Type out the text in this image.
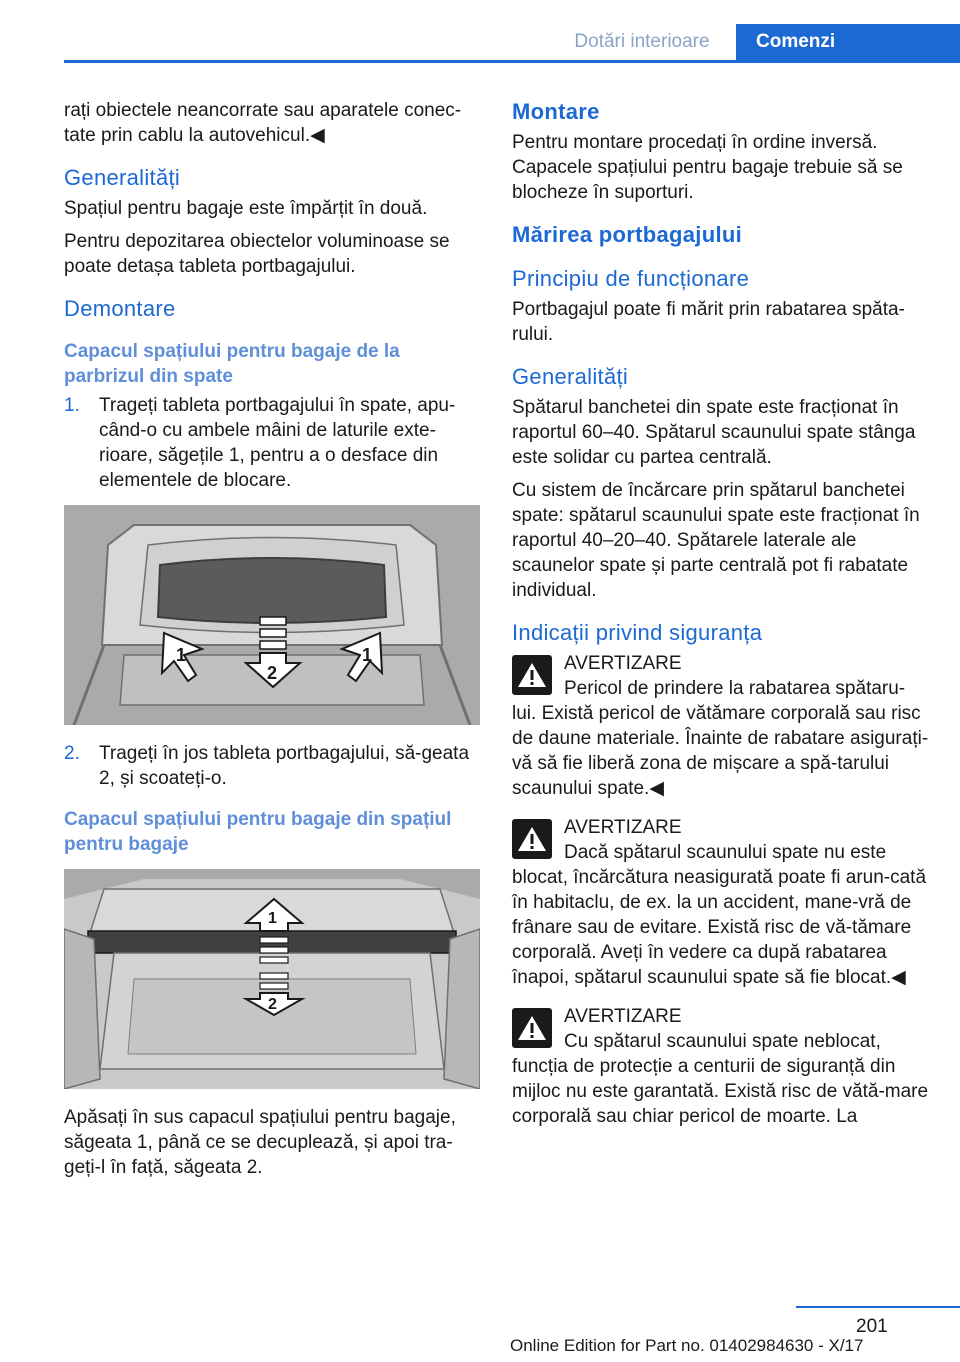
Dotări interioare	Comenzi

rați obiectele neancorrate sau aparatele conec‐tate prin cablu la autovehicul.◀

Generalități

Spațiul pentru bagaje este împărțit în două.

Pentru depozitarea obiectelor voluminoase se poate detașa tableta portbagajului.

Demontare
Capacul spațiului pentru bagaje de la parbrizul din spate
1. Trageți tableta portbagajului în spate, apu‐când-o cu ambele mâini de laturile exte‐rioare, săgețile 1, pentru a o desface din elementele de blocare.
1
2
1
2. Trageți în jos tableta portbagajului, să‐geata 2, și scoateți-o.
Capacul spațiului pentru bagaje din spațiul pentru bagaje
1
2

Apăsați în sus capacul spațiului pentru bagaje, săgeata 1, până ce se decuplează, și apoi tra‐geți-l în față, săgeata 2.

Montare

Pentru montare procedați în ordine inversă.

Capacele spațiului pentru bagaje trebuie să se blocheze în suporturi.

Mărirea portbagajului
Principiu de funcționare

Portbagajul poate fi mărit prin rabatarea spăta‐rului.

Generalități

Spătarul banchetei din spate este fracționat în raportul 60–40. Spătarul scaunului spate stânga este solidar cu partea centrală.

Cu sistem de încărcare prin spătarul banchetei spate: spătarul scaunului spate este fracționat în raportul 40–20–40. Spătarele laterale ale scaunelor spate și parte centrală pot fi rabatate individual.

Indicații privind siguranța
AVERTIZARE
Pericol de prindere la rabatarea spătaru‐
lui. Există pericol de vătămare corporală sau risc de daune materiale. Înainte de rabatare asigurați-vă să fie liberă zona de mișcare a spă‐tarului scaunului spate.◀
AVERTIZARE
Dacă spătarul scaunului spate nu este
blocat, încărcătura neasigurată poate fi arun‐cată în habitaclu, de ex. la un accident, mane‐vră de frânare sau de evitare. Există risc de vă‐tămare corporală. Aveți în vedere ca după rabatarea înapoi, spătarul scaunului spate să fie blocat.◀
AVERTIZARE
Cu spătarul scaunului spate neblocat,
funcția de protecție a centurii de siguranță din mijloc nu este garantată. Există risc de vătă‐mare corporală sau chiar pericol de moarte. La
201
Online Edition for Part no. 01402984630 - X/17
